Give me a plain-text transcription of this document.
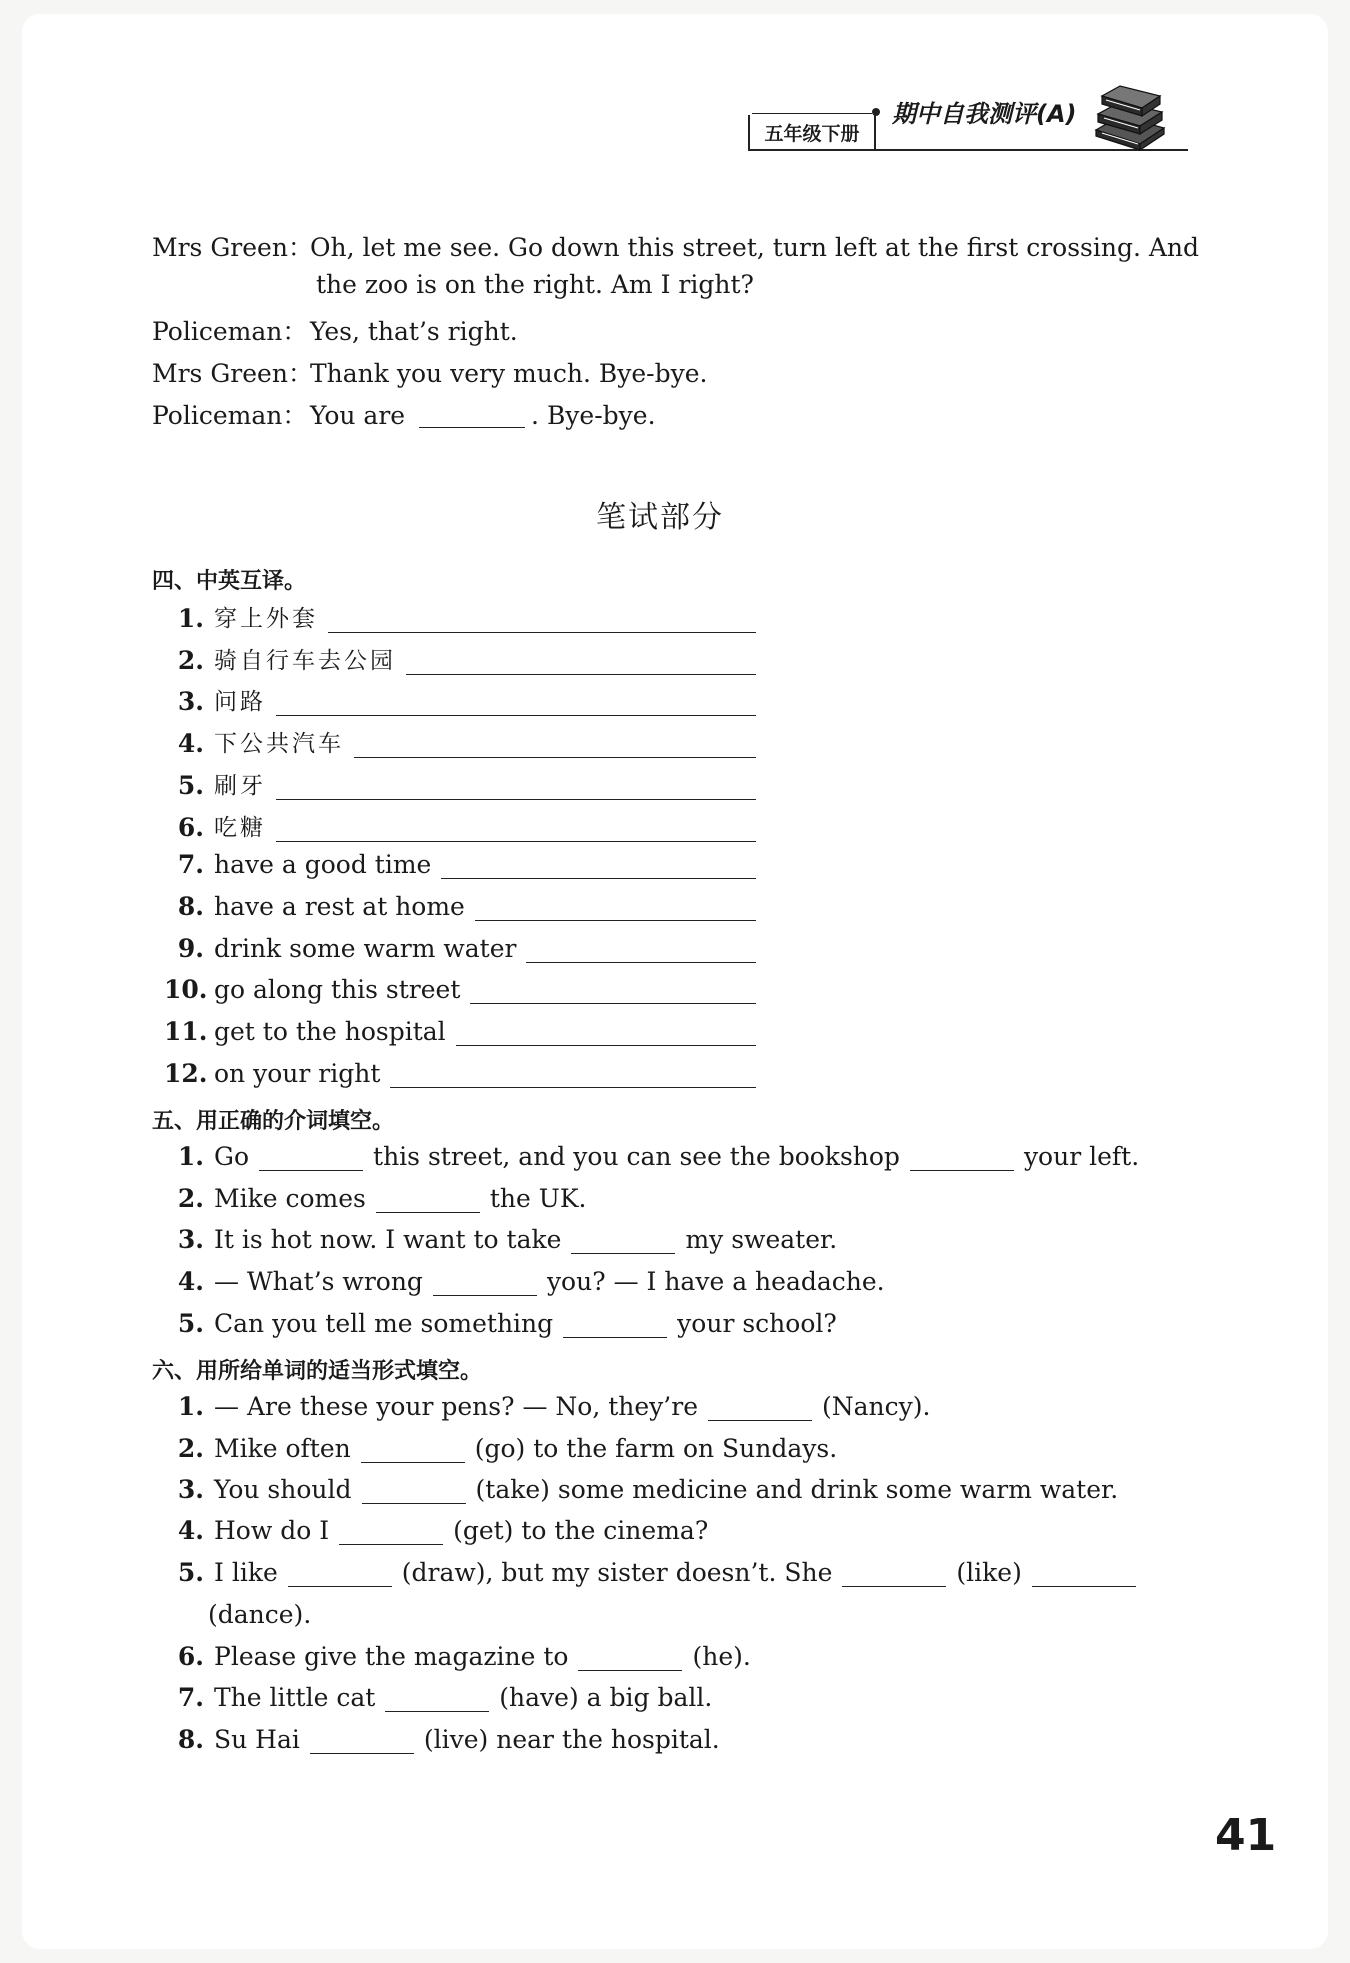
五年级下册
期中自我测评(A)
Mrs Green：Oh, let me see. Go down this street, turn left at the first crossing. And
the zoo is on the right. Am I right?
Policeman： Yes, that’s right.
Mrs Green：Thank you very much. Bye-bye.
Policeman： You are	. Bye-bye.
笔试部分
四、中英互译。
1. 穿上外套
2. 骑自行车去公园
3. 问路
4. 下公共汽车
5. 刷牙
6. 吃糖
7. have a good time
8. have a rest at home
9. drink some warm water
10. go along this street
11. get to the hospital
12. on your right
五、用正确的介词填空。
1. Go	this street, and you can see the bookshop	your left.
2. Mike comes	the UK.
3. It is hot now. I want to take	my sweater.
4. — What’s wrong	you? — I have a headache.
5. Can you tell me something	your school?
六、用所给单词的适当形式填空。
1. — Are these your pens? — No, they’re	(Nancy).
2. Mike often	(go) to the farm on Sundays.
3. You should	(take) some medicine and drink some warm water.
4. How do I	(get) to the cinema?
5. I like	(draw), but my sister doesn’t. She	(like)
(dance).
6. Please give the magazine to	(he).
7. The little cat	(have) a big ball.
8. Su Hai	(live) near the hospital.
41
